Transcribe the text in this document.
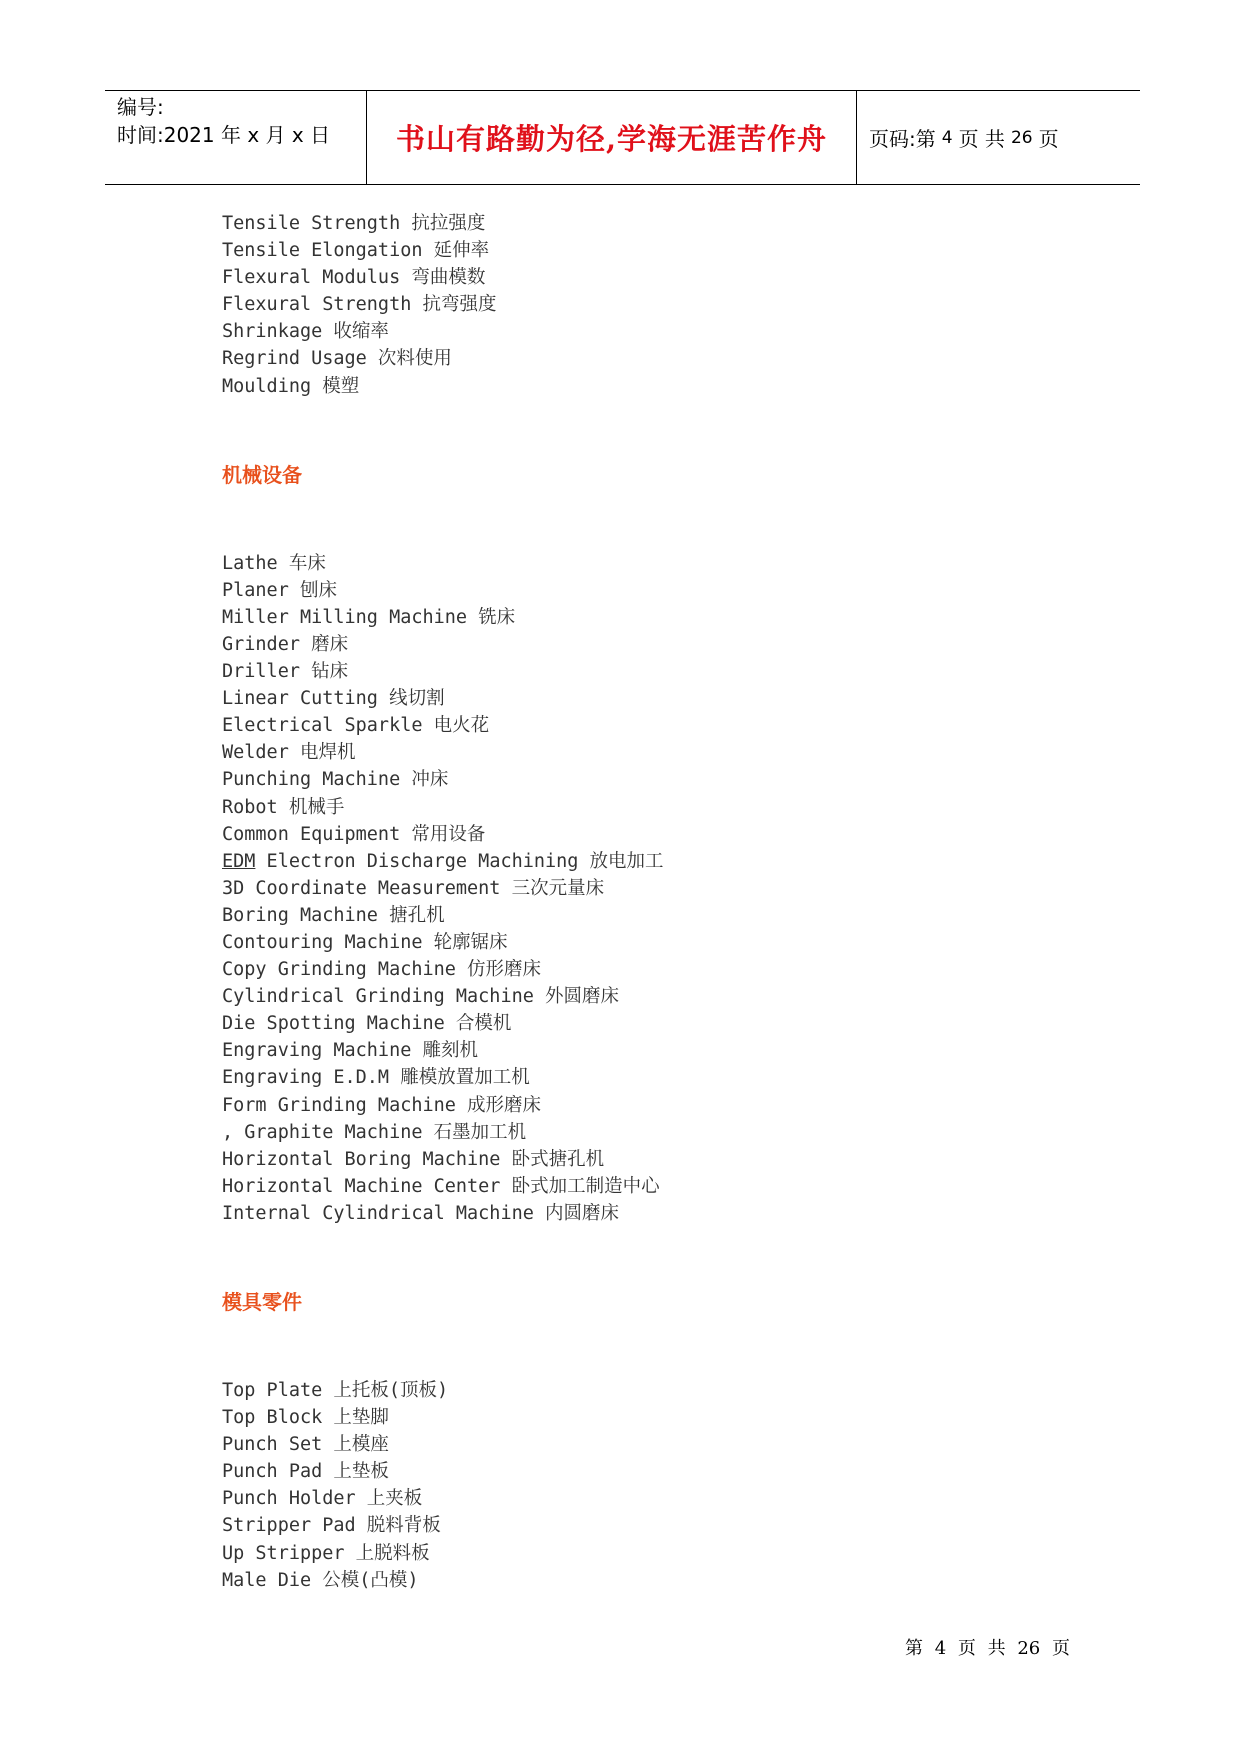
编号:
时间:2021 年 x 月 x 日	书山有路勤为径,学海无涯苦作舟	页码:第 4 页 共 26 页
Tensile Strength 抗拉强度
Tensile Elongation 延伸率
Flexural Modulus 弯曲模数
Flexural Strength 抗弯强度
Shrinkage 收缩率
Regrind Usage 次料使用
Moulding 模塑
机械设备
Lathe 车床
Planer 刨床
Miller Milling Machine 铣床
Grinder 磨床
Driller 钻床
Linear Cutting 线切割
Electrical Sparkle 电火花
Welder 电焊机
Punching Machine 冲床
Robot 机械手
Common Equipment 常用设备
EDM Electron Discharge Machining 放电加工
3D Coordinate Measurement 三次元量床
Boring Machine 搪孔机
Contouring Machine 轮廓锯床
Copy Grinding Machine 仿形磨床
Cylindrical Grinding Machine 外圆磨床
Die Spotting Machine 合模机
Engraving Machine 雕刻机
Engraving E.D.M 雕模放置加工机
Form Grinding Machine 成形磨床
, Graphite Machine 石墨加工机
Horizontal Boring Machine 卧式搪孔机
Horizontal Machine Center 卧式加工制造中心
Internal Cylindrical Machine 内圆磨床
模具零件
Top Plate 上托板(顶板)
Top Block 上垫脚
Punch Set 上模座
Punch Pad 上垫板
Punch Holder 上夹板
Stripper Pad 脱料背板
Up Stripper 上脱料板
Male Die 公模(凸模)
第 4 页 共 26 页
